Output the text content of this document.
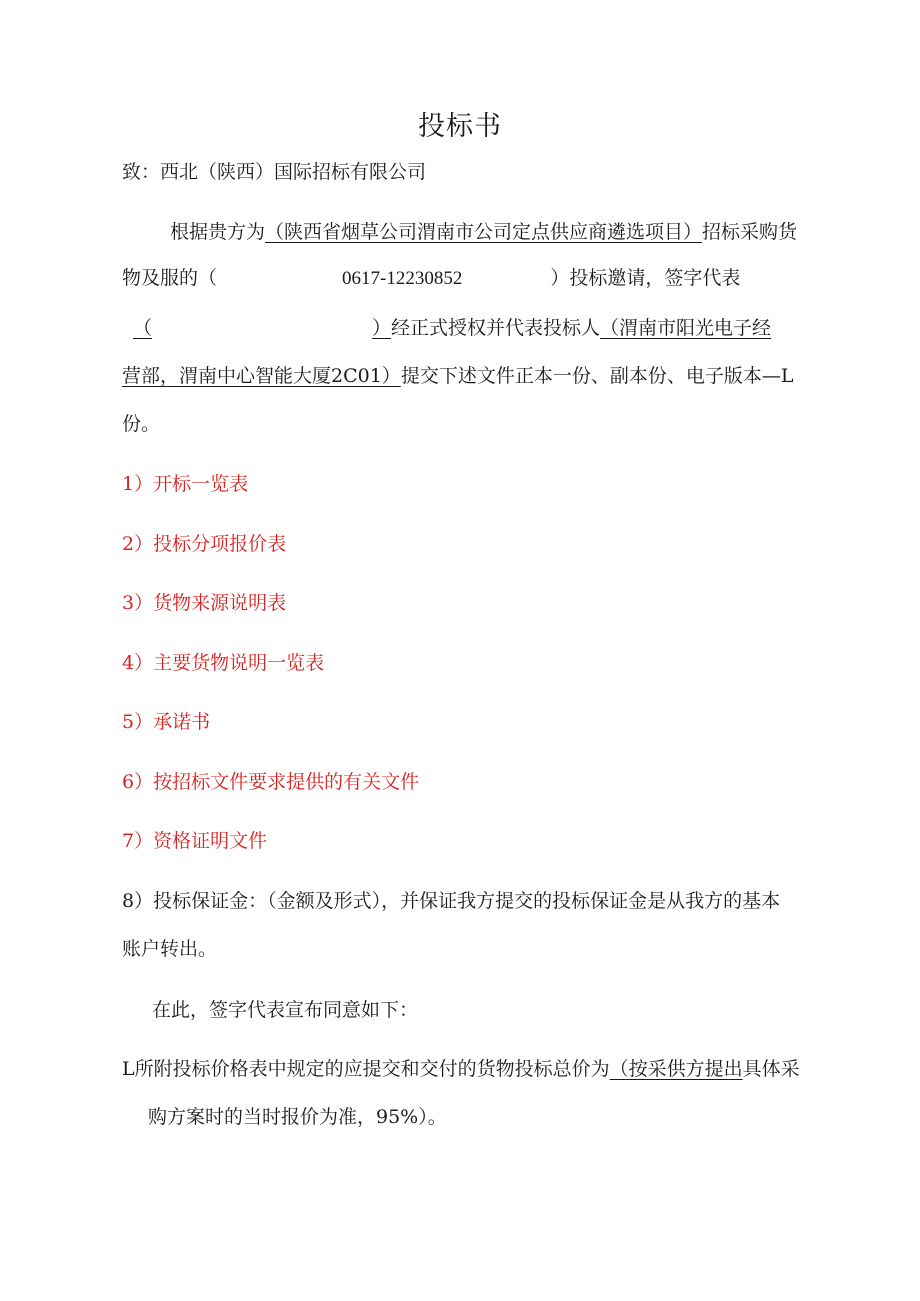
投标书
致：西北（陕西）国际招标有限公司
根据贵方为（陕西省烟草公司渭南市公司定点供应商遴选项目）招标采购货
物及服的（	0617-12230852	）投标邀请，签字代表
（	）经正式授权并代表投标人（渭南市阳光电子经
营部，渭南中心智能大厦2C01）提交下述文件正本一份、副本份、电子版本—L
份。
1）开标一览表
2）投标分项报价表
3）货物来源说明表
4）主要货物说明一览表
5）承诺书
6）按招标文件要求提供的有关文件
7）资格证明文件
8）投标保证金：（金额及形式），并保证我方提交的投标保证金是从我方的基本
账户转出。
在此，签字代表宣布同意如下：
L所附投标价格表中规定的应提交和交付的货物投标总价为（按采供方提出具体采
购方案时的当时报价为准，95%）。
